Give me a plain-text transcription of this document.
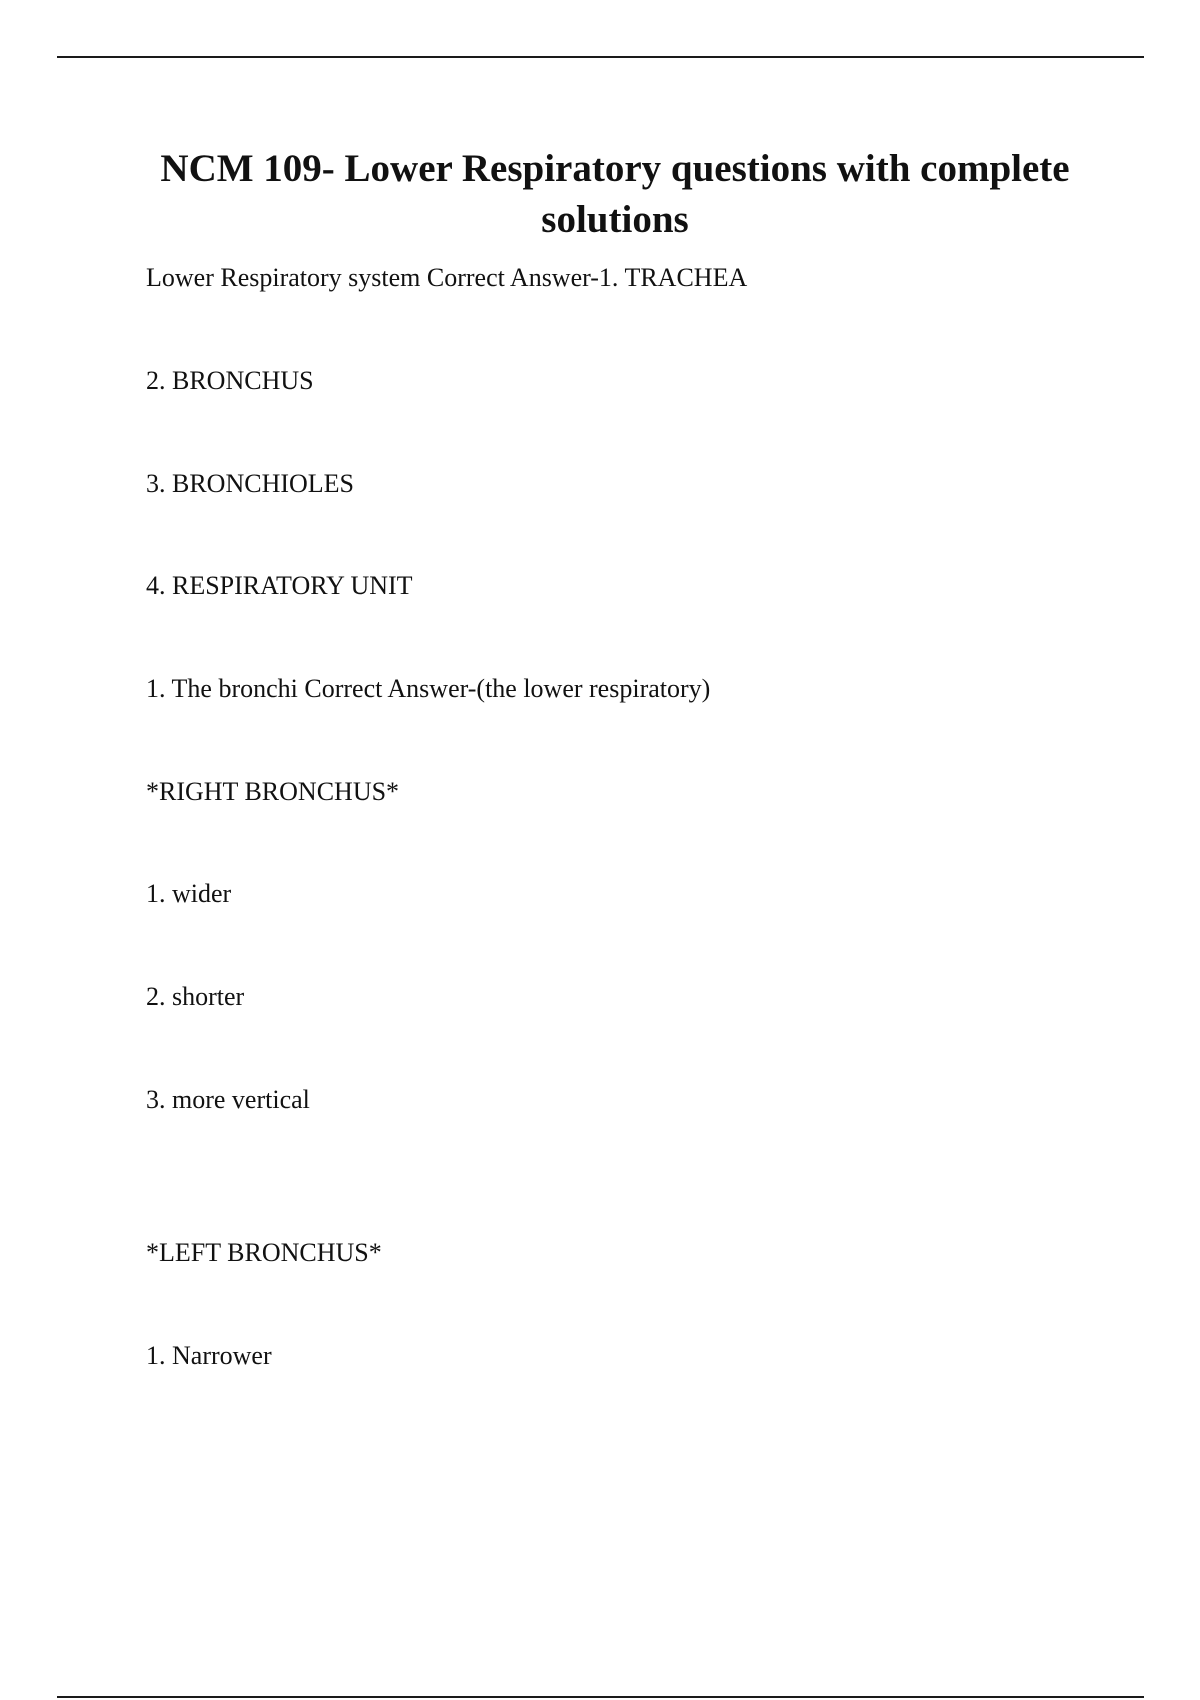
NCM 109- Lower Respiratory questions with complete solutions

Lower Respiratory system Correct Answer-1. TRACHEA

2. BRONCHUS

3. BRONCHIOLES

4. RESPIRATORY UNIT

1. The bronchi Correct Answer-(the lower respiratory)

*RIGHT BRONCHUS*

1. wider

2. shorter

3. more vertical

*LEFT BRONCHUS*

1. Narrower
